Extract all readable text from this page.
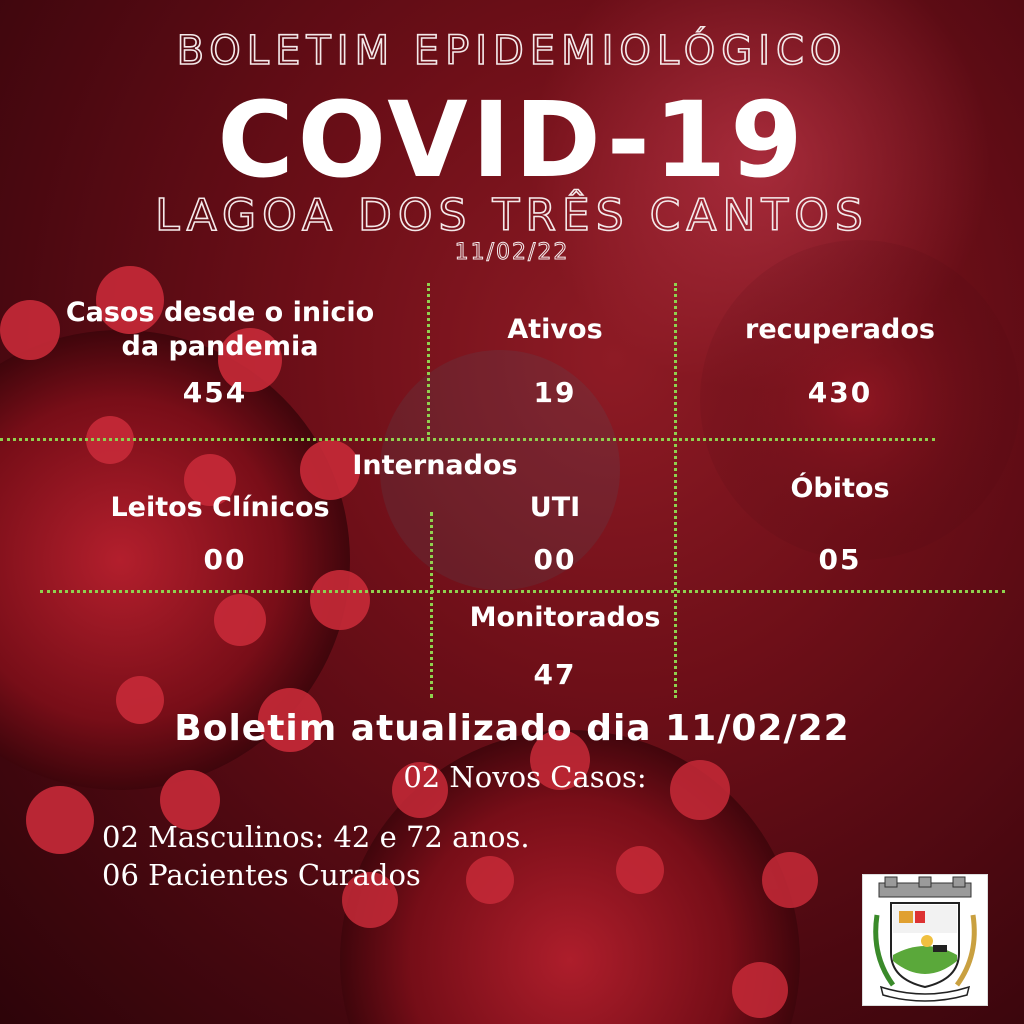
BOLETIM EPIDEMIOLÓGICO
COVID-19
LAGOA DOS TRÊS CANTOS
11/02/22
Casos desde o inicio da pandemia
454
Ativos
19
recuperados
430
Internados
Leitos Clínicos
00
UTI
00
Óbitos
05
Monitorados
47
Boletim atualizado dia 11/02/22
02 Novos Casos:
02 Masculinos: 42 e 72 anos.
06 Pacientes Curados
